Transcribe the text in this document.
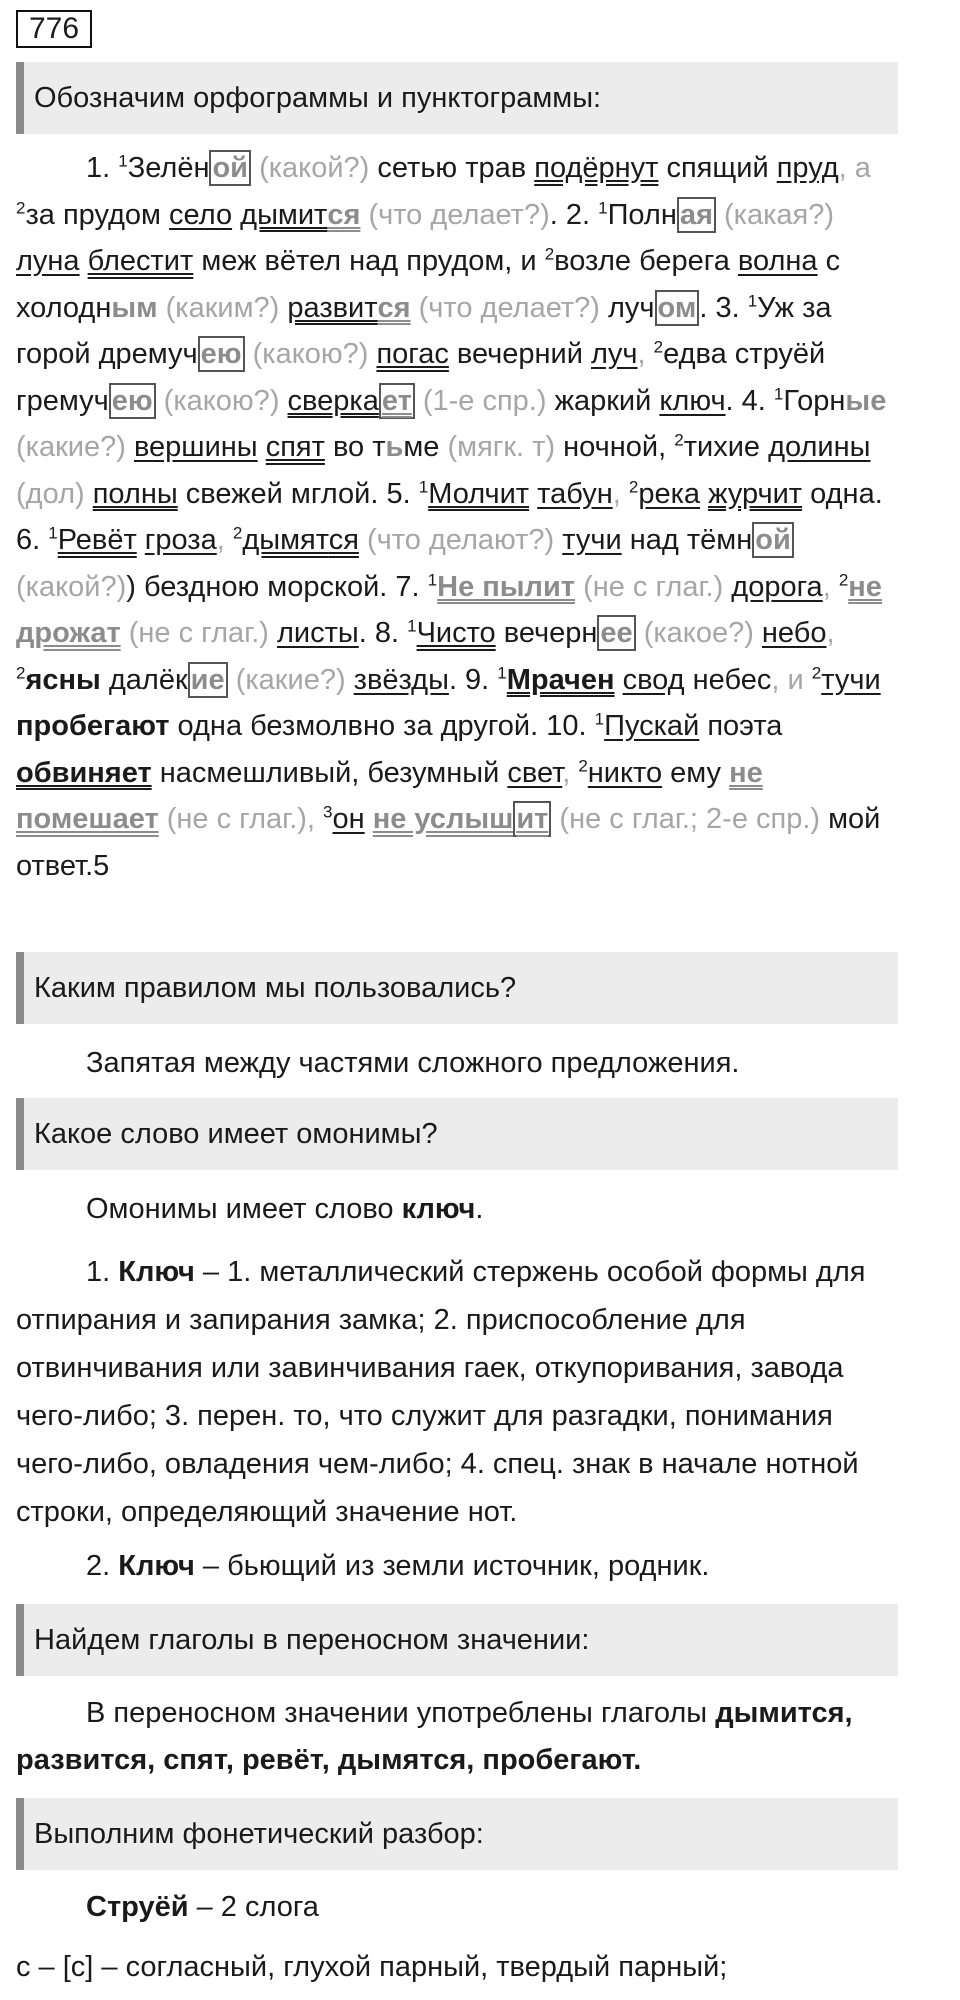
776
Обозначим орфограммы и пунктограммы:
1. $^1$Зелён ой (какой?) сетью трав подёрнут спящий пруд, а $^2$за прудом село дымится (что делает?). 2. $^1$Полн ая (какая?) луна блестит меж вётел над прудом, и $^2$возле берега волна с холодным (каким?) развится (что делает?) луч ом . 3. $^1$Уж за горой дремуч ею (какою?) погас вечерний луч, $^2$едва струёй гремуч ею (какою?) сверка ет (1-е спр.) жаркий ключ. 4. $^1$Горные (какие?) вершины спят во тьме (мягк. т) ночной, $^2$тихие долины (дол) полны свежей мглой. 5. $^1$Молчит табун, $^2$река журчит одна. 6. $^1$Ревёт гроза, $^2$дымятся (что делают?) тучи над тёмн ой (какой?)) бездною морской. 7. $^1$Не пылит (не с глаг.) дорога, $^2$не дрожат (не с глаг.) листы. 8. $^1$Чисто вечерн ее (какое?) небо, $^2$ясны далёк ие (какие?) звёзды. 9. $^1$Мрачен свод небес, и $^2$тучи пробегают одна безмолвно за другой. 10. $^1$Пускай поэта обвиняет насмешливый, безумный свет, $^2$никто ему не помешает (не с глаг.), $^3$он не услыш ит (не с глаг.; 2-е спр.) мой ответ.5
Каким правилом мы пользовались?
Запятая между частями сложного предложения.
Какое слово имеет омонимы?
Омонимы имеет слово ключ.
1. Ключ – 1. металлический стержень особой формы для отпирания и запирания замка; 2. приспособление для отвинчивания или завинчивания гаек, откупоривания, завода чего-либо; 3. перен. то, что служит для разгадки, понимания чего-либо, овладения чем-либо; 4. спец. знак в начале нотной строки, определяющий значение нот.
2. Ключ – бьющий из земли источник, родник.
Найдем глаголы в переносном значении:
В переносном значении употреблены глаголы дымится, развится, спят, ревёт, дымятся, пробегают.
Выполним фонетический разбор:
Струёй – 2 слога
с – [с] – согласный, глухой парный, твердый парный;
